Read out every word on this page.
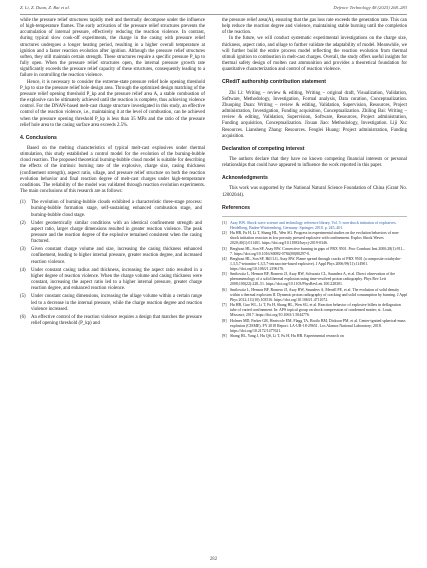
Z. Li, Z. Duan, Z. Bai et al.	Defence Technology 48 (2025) 268–283

while the pressure relief structures rapidly melt and thermally decompose under the influence of high-temperature flames. The early activation of the pressure relief structures prevents the accumulation of internal pressure, effectively reducing the reaction violence. In contrast, during typical slow cook-off experiments, the charge in the casing with pressure relief structures undergoes a longer heating period, resulting in a higher overall temperature at ignition and a faster reaction evolution after ignition. Although the pressure relief structures soften, they still maintain certain strength. These structures require a specific pressure P_kp to fully open. When the pressure relief structures open, the internal pressure growth rate significantly exceeds the pressure relief capacity of these structures, consequently leading to a failure in controlling the reaction violence.

Hence, it is necessary to consider the extreme-state pressure relief hole opening threshold P_kp to size the pressure relief hole design area. Through the optimized design matching of the pressure relief opening threshold P_kp and the pressure relief area A, a stable combustion of the explosive can be ultimately achieved until the reaction is complete, thus achieving violence control. For the DNAN-based melt-cast charge structure investigated in this study, an effective control of the reaction violence, i.e., maintaining it at the level of combustion, can be achieved when the pressure opening threshold P_kp is less than 35 MPa and the ratio of the pressure relief hole area to the casing surface area exceeds 2.5%.

4. Conclusions

Based on the melting characteristics of typical melt-cast explosives under thermal stimulation, this study established a control model for the evolution of the burning-bubble cloud reaction. The proposed theoretical burning-bubble cloud model is suitable for describing the effects of the intrinsic burning rate of the explosive, charge size, casing thickness (confinement strength), aspect ratio, ullage, and pressure relief structure on both the reaction evolution behavior and final reaction degree of melt-cast charges under high-temperature conditions. The reliability of the model was validated through reaction evolution experiments. The main conclusions of this research are as follows:

(1) The evolution of burning-bubble clouds exhibited a characteristic three-stage process: burning-bubble formation stage, self-sustaining enhanced combustion stage, and burning-bubble cloud stage.
(2) Under geometrically similar conditions with an identical confinement strength and aspect ratio, larger charge dimensions resulted in greater reaction violence. The peak pressure and the reaction degree of the explosive remained consistent when the casing fractured.
(3) Given constant charge volume and size, increasing the casing thickness enhanced confinement, leading to higher internal pressure, greater reaction degree, and increased reaction violence.
(4) Under constant casing radius and thickness, increasing the aspect ratio resulted in a higher degree of reaction violence. When the charge volume and casing thickness were constant, increasing the aspect ratio led to a higher internal pressure, greater charge reaction degree, and enhanced reaction violence.
(5) Under constant casing dimensions, increasing the ullage volume within a certain range led to a decrease in the internal pressure, while the charge reaction degree and reaction violence increased.
(6) An effective control of the reaction violence requires a design that matches the pressure relief opening threshold (P_kp) and

the pressure relief area(A), ensuring that the gas loss rate exceeds the generation rate. This can help reduce the reaction degree and violence, maintaining stable burning until the completion of the reaction.

In the future, we will conduct systematic experimental investigations on the charge size, thickness, aspect ratio, and ullage to further validate the adaptability of model. Meanwhile, we will further build the entire process model reflecting the reaction evolution from thermal stimuli ignition to combustion in melt-cast charges. Overall, the study offers useful insights for thermal safety design of molten cast ammunition and provides a theoretical foundation for quantitative characterization and control of reaction violence.

CRediT authorship contribution statement

Zhi Li: Writing – review & editing, Writing – original draft, Visualization, Validation, Software, Methodology, Investigation, Formal analysis, Data curation, Conceptualization. Zhuoping Duan: Writing – review & editing, Validation, Supervision, Resources, Project administration, Investigation, Funding acquisition, Conceptualization. Zhiling Bai: Writing – review & editing, Validation, Supervision, Software, Resources, Project administration, Funding acquisition, Conceptualization. Jixuan Jiao: Methodology, Investigation. Liji Xu: Resources. Liansheng Zhang: Resources. Fenglei Huang: Project administration, Funding acquisition.

Declaration of competing interest

The authors declare that they have no known competing financial interests or personal relationships that could have appeared to influence the work reported in this paper.

Acknowledgments

This work was supported by the National Natural Science Foundation of China (Grant No. 12002044).

References
[1] Asay BW. Shock wave science and technology reference library, Vol. 5: non-shock initiation of explosives. Heidelberg, Baden-Württemberg, Germany: Springer; 2010. p. 245–401.
[2] Hu HB, Fu H, Li T, Shang HL, Wen SG. Progress in experimental studies on the evolution behaviors of non-shock initiation reaction in low porosity pressed explosive with confinement. Explos Shock Waves 2020;40(1):011401. https://doi.org/10.11883/bzycj-2019-0346.
[3] Berghout HL, Son SF, Asay BW. Convective burning in gaps of PBX 9501. Proc Combust Inst 2000;28(1):911–7. https://doi.org/10.1016/S0082-0784(00)80297-0.
[4] Berghout HL, Son SF, Hill LG, Asay BW. Flame spread through cracks of PBX 9501 (a composite octahydro-1,3,5,7-tetranitro-1,3,5,7-tetrazocine-based explosive). J Appl Phys 2006;99(11):114901. https://doi.org/10.1063/1.2196176.
[5] Smilowitz L, Henson BF, Romero JJ, Asay BW, Schwartz CL, Saunders A, et al. Direct observation of the phenomenology of a solid thermal explosion using time-resolved proton radiography. Phys Rev Lett 2008;100(22):228–51. https://doi.org/10.1103/PhysRevLett.100.228301.
[6] Smilowitz L, Henson BF, Romero JJ, Asay BW, Saunders A, Merrill FE, et al. The evolution of solid density within a thermal explosion II. Dynamic proton radiography of cracking and solid consumption by burning. J Appl Phys 2012;111(10):103516. https://doi.org/10.1063/1.4711072.
[7] Hu HB, Guo WL, Li T, Fu H, Shang HL, Wen SG, et al. Reaction behavior of explosive billets in deflagration tube of varied confinement. In: APS topical group on shock compression of condensed matter; st. Louis, Missouri; 2017. https://doi.org/10.1063/1.5044776.
[8] Holmes MD, Parker GR, Heatwole EM, Flagg TA, Broilo BM, Dickson PM, et al. Center-ignited spherical-mass explosion (CISME). FY 2018 Report. LA-UR-18-29651. Los Alamos National Laboratory; 2018. https://doi.org/10.2172/1477621.
[9] Shang HL, Yang J, Hu QS, Li T, Fu H, Hu HB. Experimental research on
282
